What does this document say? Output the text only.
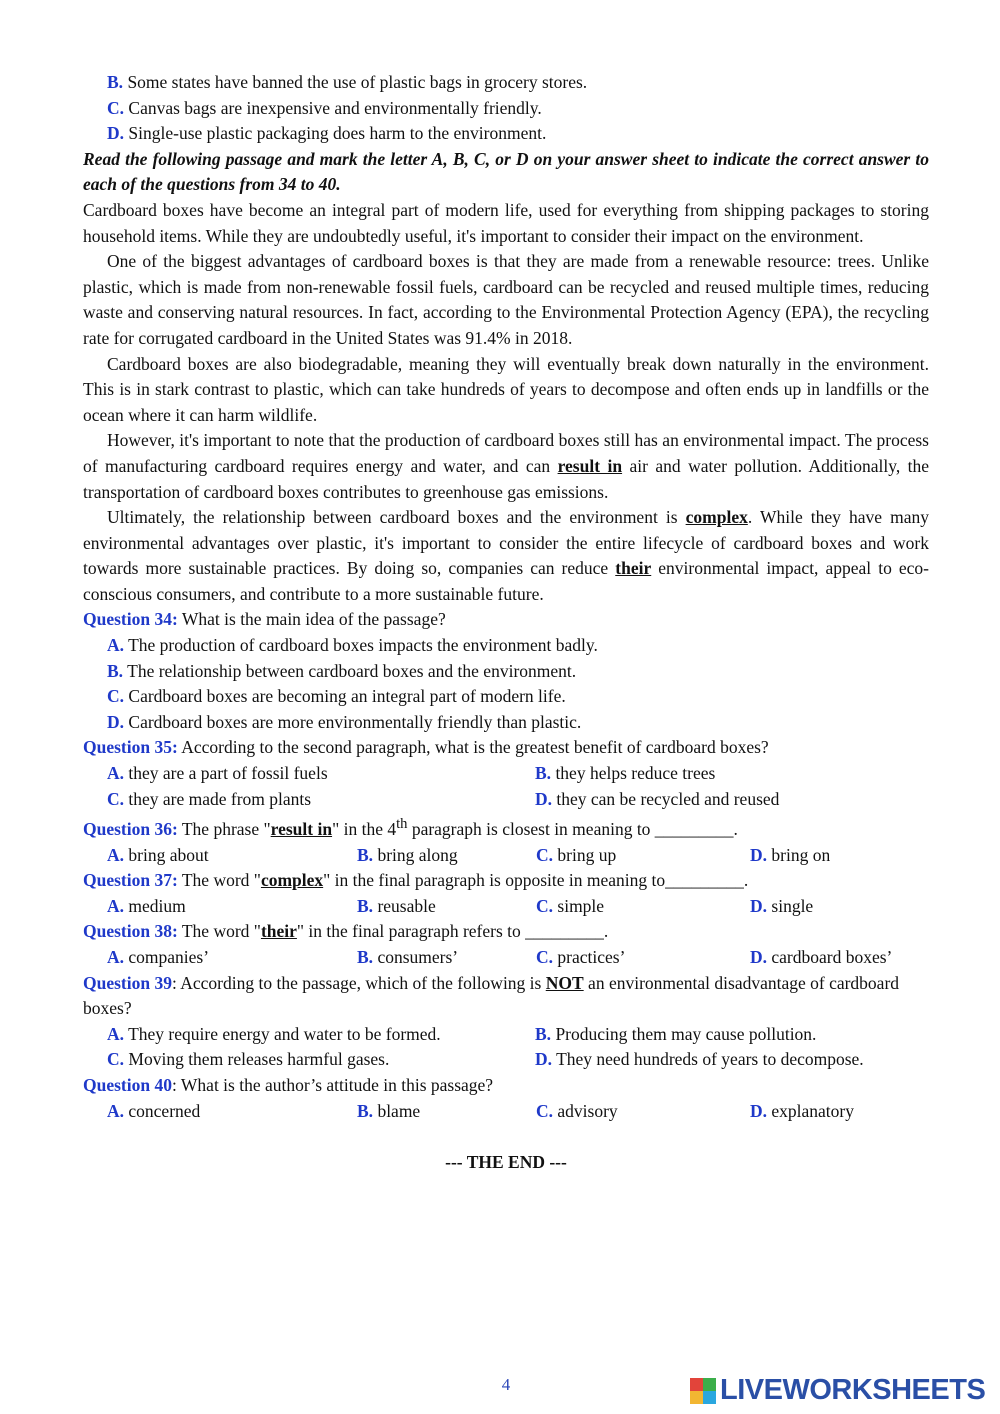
B. Some states have banned the use of plastic bags in grocery stores.

C. Canvas bags are inexpensive and environmentally friendly.

D. Single-use plastic packaging does harm to the environment.

Read the following passage and mark the letter A, B, C, or D on your answer sheet to indicate the correct answer to each of the questions from 34 to 40.

Cardboard boxes have become an integral part of modern life, used for everything from shipping packages to storing household items. While they are undoubtedly useful, it's important to consider their impact on the environment.

One of the biggest advantages of cardboard boxes is that they are made from a renewable resource: trees. Unlike plastic, which is made from non-renewable fossil fuels, cardboard can be recycled and reused multiple times, reducing waste and conserving natural resources. In fact, according to the Environmental Protection Agency (EPA), the recycling rate for corrugated cardboard in the United States was 91.4% in 2018.

Cardboard boxes are also biodegradable, meaning they will eventually break down naturally in the environment. This is in stark contrast to plastic, which can take hundreds of years to decompose and often ends up in landfills or the ocean where it can harm wildlife.

However, it's important to note that the production of cardboard boxes still has an environmental impact. The process of manufacturing cardboard requires energy and water, and can result in air and water pollution. Additionally, the transportation of cardboard boxes contributes to greenhouse gas emissions.

Ultimately, the relationship between cardboard boxes and the environment is complex. While they have many environmental advantages over plastic, it's important to consider the entire lifecycle of cardboard boxes and work towards more sustainable practices. By doing so, companies can reduce their environmental impact, appeal to eco-conscious consumers, and contribute to a more sustainable future.

Question 34: What is the main idea of the passage?

A. The production of cardboard boxes impacts the environment badly.

B. The relationship between cardboard boxes and the environment.

C. Cardboard boxes are becoming an integral part of modern life.

D. Cardboard boxes are more environmentally friendly than plastic.

Question 35: According to the second paragraph, what is the greatest benefit of cardboard boxes?

A. they are a part of fossil fuels	B. they helps reduce trees
C. they are made from plants	D. they can be recycled and reused

Question 36: The phrase "result in" in the 4th paragraph is closest in meaning to _________.

A. bring about	B. bring along	C. bring up	D. bring on

Question 37: The word "complex" in the final paragraph is opposite in meaning to_________.

A. medium	B. reusable	C. simple	D. single

Question 38: The word "their" in the final paragraph refers to _________.

A. companies’	B. consumers’	C. practices’	D. cardboard boxes’

Question 39: According to the passage, which of the following is NOT an environmental disadvantage of cardboard boxes?

A. They require energy and water to be formed.	B. Producing them may cause pollution.
C. Moving them releases harmful gases.	D. They need hundreds of years to decompose.

Question 40: What is the author’s attitude in this passage?

A. concerned	B. blame	C. advisory	D. explanatory

--- THE END ---

4	LIVEWORKSHEETS
